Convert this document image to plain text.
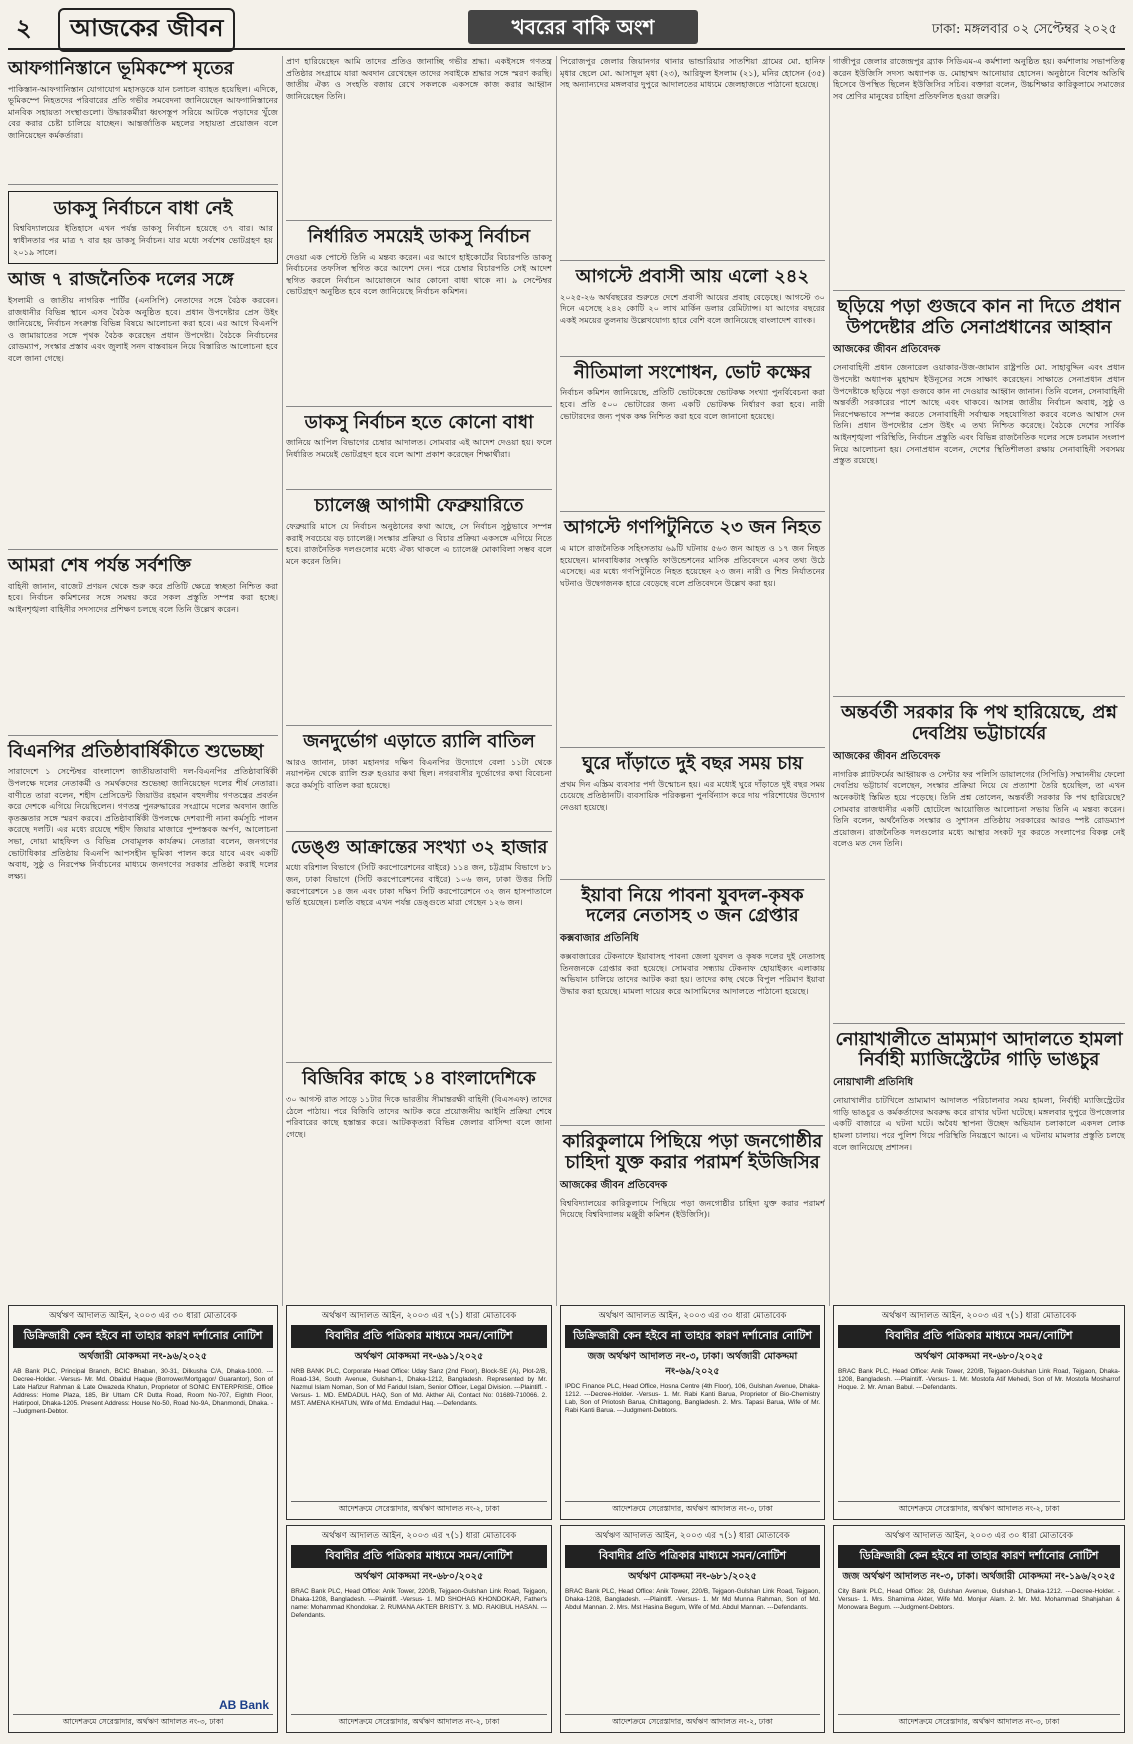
২	আজকের জীবন	খবরের বাকি অংশ	ঢাকা: মঙ্গলবার ০২ সেপ্টেম্বর ২০২৫
আফগানিস্তানে ভূমিকম্পে মৃতের
পাকিস্তান-আফগানিস্তান যোগাযোগ মহাসড়কে যান চলাচল ব্যাহত হয়েছিল। এদিকে, ভূমিকম্পে নিহতদের পরিবারের প্রতি গভীর সমবেদনা জানিয়েছেন আফগানিস্তানের মানবিক সহায়তা সংস্থাগুলো। উদ্ধারকর্মীরা ধ্বংসস্তূপ সরিয়ে আটকে পড়াদের খুঁজে বের করার চেষ্টা চালিয়ে যাচ্ছেন। আন্তর্জাতিক মহলের সহায়তা প্রয়োজন বলে জানিয়েছেন কর্মকর্তারা।
ডাকসু নির্বাচনে বাধা নেই
বিশ্ববিদ্যালয়ের ইতিহাসে এখন পর্যন্ত ডাকসু নির্বাচন হয়েছে ৩৭ বার। আর স্বাধীনতার পর মাত্র ৭ বার হয় ডাকসু নির্বাচন। যার মধ্যে সর্বশেষ ভোটগ্রহণ হয় ২০১৯ সালে।
আজ ৭ রাজনৈতিক দলের সঙ্গে
ইসলামী ও জাতীয় নাগরিক পার্টির (এনসিপি) নেতাদের সঙ্গে বৈঠক করবেন। রাজধানীর বিভিন্ন স্থানে এসব বৈঠক অনুষ্ঠিত হবে। প্রধান উপদেষ্টার প্রেস উইং জানিয়েছে, নির্বাচন সংক্রান্ত বিভিন্ন বিষয়ে আলোচনা করা হবে। এর আগে বিএনপি ও জামায়াতের সঙ্গে পৃথক বৈঠক করেছেন প্রধান উপদেষ্টা। বৈঠকে নির্বাচনের রোডম্যাপ, সংস্কার প্রস্তাব এবং জুলাই সনদ বাস্তবায়ন নিয়ে বিস্তারিত আলোচনা হবে বলে জানা গেছে।
আমরা শেষ পর্যন্ত সর্বশক্তি
বাহিনী জানান, বাজেট প্রণয়ন থেকে শুরু করে প্রতিটি ক্ষেত্রে স্বচ্ছতা নিশ্চিত করা হবে। নির্বাচন কমিশনের সঙ্গে সমন্বয় করে সকল প্রস্তুতি সম্পন্ন করা হচ্ছে। আইনশৃঙ্খলা বাহিনীর সদস্যদের প্রশিক্ষণ চলছে বলে তিনি উল্লেখ করেন।
বিএনপির প্রতিষ্ঠাবার্ষিকীতে শুভেচ্ছা
সারাদেশে ১ সেপ্টেম্বর বাংলাদেশ জাতীয়তাবাদী দল-বিএনপির প্রতিষ্ঠাবার্ষিকী উপলক্ষে দলের নেতাকর্মী ও সমর্থকদের শুভেচ্ছা জানিয়েছেন দলের শীর্ষ নেতারা। বাণীতে তারা বলেন, শহীদ প্রেসিডেন্ট জিয়াউর রহমান বহুদলীয় গণতন্ত্রের প্রবর্তন করে দেশকে এগিয়ে নিয়েছিলেন। গণতন্ত্র পুনরুদ্ধারের সংগ্রামে দলের অবদান জাতি কৃতজ্ঞতার সঙ্গে স্মরণ করবে। প্রতিষ্ঠাবার্ষিকী উপলক্ষে দেশব্যাপী নানা কর্মসূচি পালন করেছে দলটি। এর মধ্যে রয়েছে শহীদ জিয়ার মাজারে পুষ্পস্তবক অর্পণ, আলোচনা সভা, দোয়া মাহফিল ও বিভিন্ন সেবামূলক কার্যক্রম। নেতারা বলেন, জনগণের ভোটাধিকার প্রতিষ্ঠায় বিএনপি আপসহীন ভূমিকা পালন করে যাবে এবং একটি অবাধ, সুষ্ঠু ও নিরপেক্ষ নির্বাচনের মাধ্যমে জনগণের সরকার প্রতিষ্ঠা করাই দলের লক্ষ্য।
প্রাণ হারিয়েছেন আমি তাদের প্রতিও জানাচ্ছি গভীর শ্রদ্ধা। একইসঙ্গে গণতন্ত্র প্রতিষ্ঠার সংগ্রামে যারা অবদান রেখেছেন তাদের সবাইকে শ্রদ্ধার সঙ্গে স্মরণ করছি। জাতীয় ঐক্য ও সংহতি বজায় রেখে সকলকে একসঙ্গে কাজ করার আহ্বান জানিয়েছেন তিনি।
নির্ধারিত সময়েই ডাকসু নির্বাচন
দেওয়া এক পোস্টে তিনি এ মন্তব্য করেন। এর আগে হাইকোর্টের বিচারপতি ডাকসু নির্বাচনের তফসিল স্থগিত করে আদেশ দেন। পরে চেম্বার বিচারপতি সেই আদেশ স্থগিত করলে নির্বাচন আয়োজনে আর কোনো বাধা থাকে না। ৯ সেপ্টেম্বর ভোটগ্রহণ অনুষ্ঠিত হবে বলে জানিয়েছে নির্বাচন কমিশন।
ডাকসু নির্বাচন হতে কোনো বাধা
জানিয়ে আপিল বিভাগের চেম্বার আদালত। সোমবার এই আদেশ দেওয়া হয়। ফলে নির্ধারিত সময়েই ভোটগ্রহণ হবে বলে আশা প্রকাশ করেছেন শিক্ষার্থীরা।
চ্যালেঞ্জ আগামী ফেব্রুয়ারিতে
ফেব্রুয়ারি মাসে যে নির্বাচন অনুষ্ঠানের কথা আছে, সে নির্বাচন সুষ্ঠুভাবে সম্পন্ন করাই সবচেয়ে বড় চ্যালেঞ্জ। সংস্কার প্রক্রিয়া ও বিচার প্রক্রিয়া একসঙ্গে এগিয়ে নিতে হবে। রাজনৈতিক দলগুলোর মধ্যে ঐক্য থাকলে এ চ্যালেঞ্জ মোকাবিলা সম্ভব বলে মনে করেন তিনি।
জনদুর্ভোগ এড়াতে র‍্যালি বাতিল
আরও জানান, ঢাকা মহানগর দক্ষিণ বিএনপির উদ্যোগে বেলা ১১টা থেকে নয়াপল্টন থেকে র‍্যালি শুরু হওয়ার কথা ছিল। নগরবাসীর দুর্ভোগের কথা বিবেচনা করে কর্মসূচি বাতিল করা হয়েছে।
ডেঙ্গু আক্রান্তের সংখ্যা ৩২ হাজার
মধ্যে বরিশাল বিভাগে (সিটি করপোরেশনের বাইরে) ১১৪ জন, চট্টগ্রাম বিভাগে ৮১ জন, ঢাকা বিভাগে (সিটি করপোরেশনের বাইরে) ১০৬ জন, ঢাকা উত্তর সিটি করপোরেশনে ১৪ জন এবং ঢাকা দক্ষিণ সিটি করপোরেশনে ৩২ জন হাসপাতালে ভর্তি হয়েছেন। চলতি বছরে এখন পর্যন্ত ডেঙ্গুতে মারা গেছেন ১২৬ জন।
বিজিবির কাছে ১৪ বাংলাদেশিকে
৩০ আগস্ট রাত সাড়ে ১১টার দিকে ভারতীয় সীমান্তরক্ষী বাহিনী (বিএসএফ) তাদের ঠেলে পাঠায়। পরে বিজিবি তাদের আটক করে প্রয়োজনীয় আইনি প্রক্রিয়া শেষে পরিবারের কাছে হস্তান্তর করে। আটককৃতরা বিভিন্ন জেলার বাসিন্দা বলে জানা গেছে।
পিরোজপুর জেলার জিয়ানগর থানার ভান্ডারিয়ার সাতশিয়া গ্রামের মো. হানিফ মৃধার ছেলে মো. আসাদুল মৃধা (২৩), আরিফুল ইসলাম (২১), মনির হোসেন (৩৫) সহ অন্যান্যদের মঙ্গলবার দুপুরে আদালতের মাধ্যমে জেলহাজতে পাঠানো হয়েছে।
আগস্টে প্রবাসী আয় এলো ২৪২
২০২৫-২৬ অর্থবছরের শুরুতে দেশে প্রবাসী আয়ের প্রবাহ বেড়েছে। আগস্টে ৩০ দিনে এসেছে ২৪২ কোটি ২০ লাখ মার্কিন ডলার রেমিট্যান্স। যা আগের বছরের একই সময়ের তুলনায় উল্লেখযোগ্য হারে বেশি বলে জানিয়েছে বাংলাদেশ ব্যাংক।
নীতিমালা সংশোধন, ভোট কক্ষের
নির্বাচন কমিশন জানিয়েছে, প্রতিটি ভোটকেন্দ্রে ভোটকক্ষ সংখ্যা পুনর্বিবেচনা করা হবে। প্রতি ৫০০ ভোটারের জন্য একটি ভোটকক্ষ নির্ধারণ করা হবে। নারী ভোটারদের জন্য পৃথক কক্ষ নিশ্চিত করা হবে বলে জানানো হয়েছে।
আগস্টে গণপিটুনিতে ২৩ জন নিহত
এ মাসে রাজনৈতিক সহিংসতায় ৬৯টি ঘটনায় ৫৬৩ জন আহত ও ১৭ জন নিহত হয়েছেন। মানবাধিকার সংস্কৃতি ফাউন্ডেশনের মাসিক প্রতিবেদনে এসব তথ্য উঠে এসেছে। এর মধ্যে গণপিটুনিতে নিহত হয়েছেন ২৩ জন। নারী ও শিশু নির্যাতনের ঘটনাও উদ্বেগজনক হারে বেড়েছে বলে প্রতিবেদনে উল্লেখ করা হয়।
ঘুরে দাঁড়াতে দুই বছর সময় চায়
প্রথম দিন এস্ক্রিম ব্যবসার পর্দা উন্মোচন হয়। এর মধ্যেই ঘুরে দাঁড়াতে দুই বছর সময় চেয়েছে প্রতিষ্ঠানটি। ব্যবসায়িক পরিকল্পনা পুনর্বিন্যাস করে দায় পরিশোধের উদ্যোগ নেওয়া হয়েছে।
ইয়াবা নিয়ে পাবনা যুবদল-কৃষক দলের নেতাসহ ৩ জন গ্রেপ্তার
কক্সবাজার প্রতিনিধি
কক্সবাজারের টেকনাফে ইয়াবাসহ পাবনা জেলা যুবদল ও কৃষক দলের দুই নেতাসহ তিনজনকে গ্রেপ্তার করা হয়েছে। সোমবার সন্ধ্যায় টেকনাফ হোয়াইক্যং এলাকায় অভিযান চালিয়ে তাদের আটক করা হয়। তাদের কাছ থেকে বিপুল পরিমাণ ইয়াবা উদ্ধার করা হয়েছে। মামলা দায়ের করে আসামিদের আদালতে পাঠানো হয়েছে।
কারিকুলামে পিছিয়ে পড়া জনগোষ্ঠীর চাহিদা যুক্ত করার পরামর্শ ইউজিসির
আজকের জীবন প্রতিবেদক
বিশ্ববিদ্যালয়ের কারিকুলামে পিছিয়ে পড়া জনগোষ্ঠীর চাহিদা যুক্ত করার পরামর্শ দিয়েছে বিশ্ববিদ্যালয় মঞ্জুরী কমিশন (ইউজিসি)।
গাজীপুর জেলার রাজেন্দ্রপুর ব্র্যাক সিডিএম-এ কর্মশালা অনুষ্ঠিত হয়। কর্মশালায় সভাপতিত্ব করেন ইউজিসি সদস্য অধ্যাপক ড. মোহাম্মদ আনোয়ার হোসেন। অনুষ্ঠানে বিশেষ অতিথি হিসেবে উপস্থিত ছিলেন ইউজিসির সচিব। বক্তারা বলেন, উচ্চশিক্ষার কারিকুলামে সমাজের সব শ্রেণির মানুষের চাহিদা প্রতিফলিত হওয়া জরুরি।
ছড়িয়ে পড়া গুজবে কান না দিতে প্রধান উপদেষ্টার প্রতি সেনাপ্রধানের আহ্বান
আজকের জীবন প্রতিবেদক
সেনাবাহিনী প্রধান জেনারেল ওয়াকার-উজ-জামান রাষ্ট্রপতি মো. সাহাবুদ্দিন এবং প্রধান উপদেষ্টা অধ্যাপক মুহাম্মদ ইউনূসের সঙ্গে সাক্ষাৎ করেছেন। সাক্ষাতে সেনাপ্রধান প্রধান উপদেষ্টাকে ছড়িয়ে পড়া গুজবে কান না দেওয়ার আহ্বান জানান। তিনি বলেন, সেনাবাহিনী অন্তর্বর্তী সরকারের পাশে আছে এবং থাকবে। আসন্ন জাতীয় নির্বাচন অবাধ, সুষ্ঠু ও নিরপেক্ষভাবে সম্পন্ন করতে সেনাবাহিনী সর্বাত্মক সহযোগিতা করবে বলেও আশ্বাস দেন তিনি। প্রধান উপদেষ্টার প্রেস উইং এ তথ্য নিশ্চিত করেছে। বৈঠকে দেশের সার্বিক আইনশৃঙ্খলা পরিস্থিতি, নির্বাচন প্রস্তুতি এবং বিভিন্ন রাজনৈতিক দলের সঙ্গে চলমান সংলাপ নিয়ে আলোচনা হয়। সেনাপ্রধান বলেন, দেশের স্থিতিশীলতা রক্ষায় সেনাবাহিনী সবসময় প্রস্তুত রয়েছে।
অন্তর্বর্তী সরকার কি পথ হারিয়েছে, প্রশ্ন দেবপ্রিয় ভট্টাচার্যের
আজকের জীবন প্রতিবেদক
নাগরিক প্ল্যাটফর্মের আহ্বায়ক ও সেন্টার ফর পলিসি ডায়ালগের (সিপিডি) সম্মাননীয় ফেলো দেবপ্রিয় ভট্টাচার্য বলেছেন, সংস্কার প্রক্রিয়া নিয়ে যে প্রত্যাশা তৈরি হয়েছিল, তা এখন অনেকটাই স্তিমিত হয়ে পড়েছে। তিনি প্রশ্ন তোলেন, অন্তর্বর্তী সরকার কি পথ হারিয়েছে? সোমবার রাজধানীর একটি হোটেলে আয়োজিত আলোচনা সভায় তিনি এ মন্তব্য করেন। তিনি বলেন, অর্থনৈতিক সংস্কার ও সুশাসন প্রতিষ্ঠায় সরকারের আরও স্পষ্ট রোডম্যাপ প্রয়োজন। রাজনৈতিক দলগুলোর মধ্যে আস্থার সংকট দূর করতে সংলাপের বিকল্প নেই বলেও মত দেন তিনি।
নোয়াখালীতে ভ্রাম্যমাণ আদালতে হামলা নির্বাহী ম্যাজিস্ট্রেটের গাড়ি ভাঙচুর
নোয়াখালী প্রতিনিধি
নোয়াখালীর চাটখিলে ভ্রাম্যমাণ আদালত পরিচালনার সময় হামলা, নির্বাহী ম্যাজিস্ট্রেটের গাড়ি ভাঙচুর ও কর্মকর্তাদের অবরুদ্ধ করে রাখার ঘটনা ঘটেছে। মঙ্গলবার দুপুরে উপজেলার একটি বাজারে এ ঘটনা ঘটে। অবৈধ স্থাপনা উচ্ছেদ অভিযান চলাকালে একদল লোক হামলা চালায়। পরে পুলিশ গিয়ে পরিস্থিতি নিয়ন্ত্রণে আনে। এ ঘটনায় মামলার প্রস্তুতি চলছে বলে জানিয়েছে প্রশাসন।
অর্থঋণ আদালত আইন, ২০০৩ এর ৩০ ধারা মোতাবেক
ডিক্রিজারী কেন হইবে না তাহার কারণ দর্শানোর নোটিশ
অর্থজারী মোকদ্দমা নং-৯৬/২০২৫
AB Bank PLC, Principal Branch, BCIC Bhaban, 30-31, Dilkusha C/A, Dhaka-1000. ---Decree-Holder. -Versus- Mr. Md. Obaidul Haque (Borrower/Mortgagor/ Guarantor), Son of Late Hafizur Rahman & Late Owazeda Khatun, Proprietor of SONIC ENTERPRISE, Office Address: Home Plaza, 185, Bir Uttam CR Dutta Road, Room No-707, Eighth Floor, Hatirpool, Dhaka-1205. Present Address: House No-50, Road No-9A, Dhanmondi, Dhaka. ---Judgment-Debtor.
AB Bank
আদেশক্রমে সেরেস্তাদার, অর্থঋণ আদালত নং-৩, ঢাকা
অর্থঋণ আদালত আইন, ২০০৩ এর ৭(১) ধারা মোতাবেক
বিবাদীর প্রতি পত্রিকার মাধ্যমে সমন/নোটিশ
অর্থঋণ মোকদ্দমা নং-৬৯১/২০২৫
NRB BANK PLC, Corporate Head Office: Uday Sanz (2nd Floor), Block-SE (A), Plot-2/B, Road-134, South Avenue, Gulshan-1, Dhaka-1212, Bangladesh. Represented by Mr. Nazmul Islam Noman, Son of Md Faridul Islam, Senior Officer, Legal Division. ---Plaintiff. -Versus- 1. MD. EMDADUL HAQ, Son of Md. Akther Ali, Contact No: 01689-710066. 2. MST. AMENA KHATUN, Wife of Md. Emdadul Haq. ---Defendants.
আদেশক্রমে সেরেস্তাদার, অর্থঋণ আদালত নং-২, ঢাকা
অর্থঋণ আদালত আইন, ২০০৩ এর ৩০ ধারা মোতাবেক
ডিক্রিজারী কেন হইবে না তাহার কারণ দর্শানোর নোটিশ
জজ অর্থঋণ আদালত নং-৩, ঢাকা। অর্থজারী মোকদ্দমা নং-৬৯/২০২৫
IPDC Finance PLC, Head Office, Hosna Centre (4th Floor), 106, Gulshan Avenue, Dhaka-1212. ---Decree-Holder. -Versus- 1. Mr. Rabi Kanti Barua, Proprietor of Bio-Chemistry Lab, Son of Priotosh Barua, Chittagong, Bangladesh. 2. Mrs. Tapasi Barua, Wife of Mr. Rabi Kanti Barua. ---Judgment-Debtors.
আদেশক্রমে সেরেস্তাদার, অর্থঋণ আদালত নং-৩, ঢাকা
অর্থঋণ আদালত আইন, ২০০৩ এর ৭(১) ধারা মোতাবেক
বিবাদীর প্রতি পত্রিকার মাধ্যমে সমন/নোটিশ
অর্থঋণ মোকদ্দমা নং-৬৮০/২০২৫
BRAC Bank PLC, Head Office: Anik Tower, 220/B, Tejgaon-Gulshan Link Road, Tejgaon, Dhaka-1208, Bangladesh. ---Plaintiff. -Versus- 1. MD SHOHAG KHONDOKAR, Father's name: Mohammad Khondokar. 2. RUMANA AKTER BRISTY. 3. MD. RAKIBUL HASAN. ---Defendants.
আদেশক্রমে সেরেস্তাদার, অর্থঋণ আদালত নং-২, ঢাকা
অর্থঋণ আদালত আইন, ২০০৩ এর ৭(১) ধারা মোতাবেক
বিবাদীর প্রতি পত্রিকার মাধ্যমে সমন/নোটিশ
অর্থঋণ মোকদ্দমা নং-৬৮১/২০২৫
BRAC Bank PLC, Head Office: Anik Tower, 220/B, Tejgaon-Gulshan Link Road, Tejgaon, Dhaka-1208, Bangladesh. ---Plaintiff. -Versus- 1. Mr Md Munna Rahman, Son of Md. Abdul Mannan. 2. Mrs. Mst Hasina Begum, Wife of Md. Abdul Mannan. ---Defendants.
আদেশক্রমে সেরেস্তাদার, অর্থঋণ আদালত নং-২, ঢাকা
অর্থঋণ আদালত আইন, ২০০৩ এর ৭(১) ধারা মোতাবেক
বিবাদীর প্রতি পত্রিকার মাধ্যমে সমন/নোটিশ
অর্থঋণ মোকদ্দমা নং-৬৮০/২০২৫
BRAC Bank PLC, Head Office: Anik Tower, 220/B, Tejgaon-Gulshan Link Road, Tejgaon, Dhaka-1208, Bangladesh. ---Plaintiff. -Versus- 1. Mr. Mostofa Atif Mehedi, Son of Mr. Mostofa Mosharrof Hoque. 2. Mr. Aman Babul. ---Defendants.
আদেশক্রমে সেরেস্তাদার, অর্থঋণ আদালত নং-২, ঢাকা
অর্থঋণ আদালত আইন, ২০০৩ এর ৩০ ধারা মোতাবেক
ডিক্রিজারী কেন হইবে না তাহার কারণ দর্শানোর নোটিশ
জজ অর্থঋণ আদালত নং-৩, ঢাকা। অর্থজারী মোকদ্দমা নং-১৯৬/২০২৫
City Bank PLC, Head Office: 28, Gulshan Avenue, Gulshan-1, Dhaka-1212. ---Decree-Holder. -Versus- 1. Mrs. Shamima Akter, Wife Md. Monjur Alam. 2. Mr. Md. Mohammad Shahjahan & Monowara Begum. ---Judgment-Debtors.
আদেশক্রমে সেরেস্তাদার, অর্থঋণ আদালত নং-৩, ঢাকা
